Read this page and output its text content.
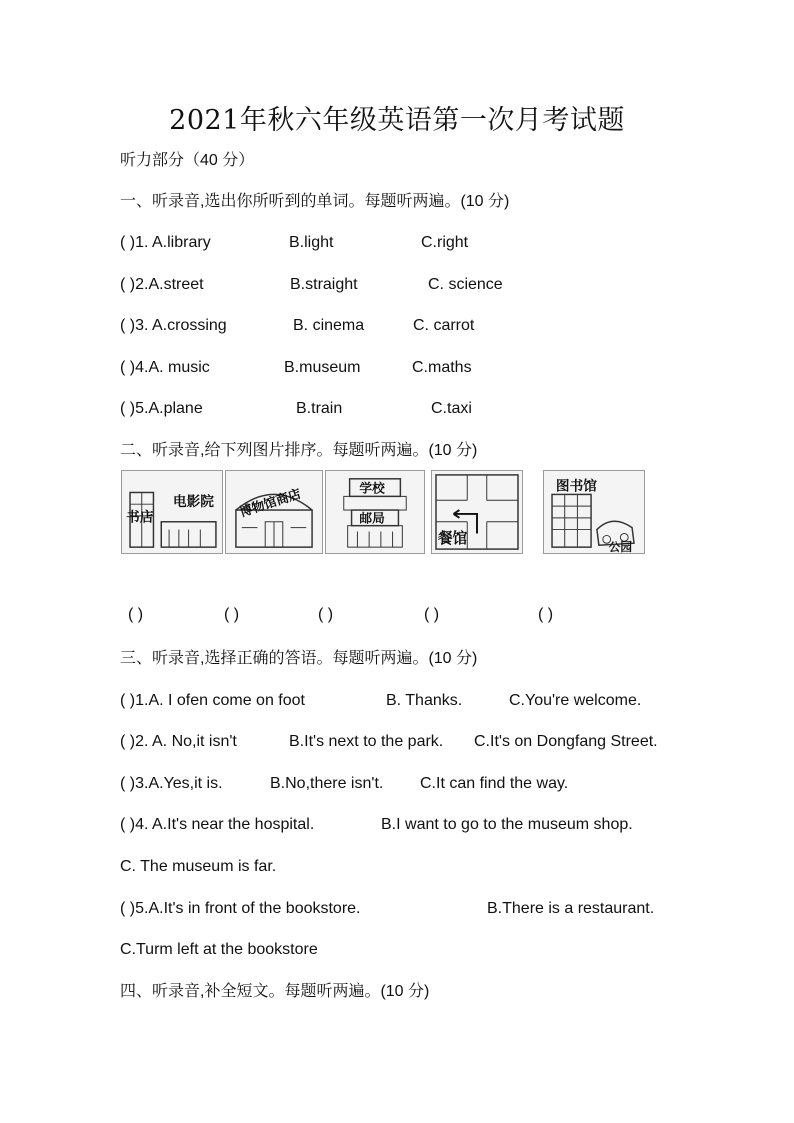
2021年秋六年级英语第一次月考试题
听力部分（40 分）
一、听录音,选出你所听到的单词。每题听两遍。(10 分)
( )1. A.library	B.light	C.right
( )2.A.street	B.straight	C. science
( )3. A.crossing	B. cinema	C. carrot
( )4.A. music	B.museum	C.maths
( )5.A.plane	B.train	C.taxi
二、听录音,给下列图片排序。每题听两遍。(10 分)
书店
电影院 博物馆商店	学校
邮局
餐馆
图书馆
公园
( )	( )	( )	( )	( )
三、听录音,选择正确的答语。每题听两遍。(10 分)
( )1.A. I ofen come on foot	B. Thanks.	C.You're welcome.
( )2. A. No,it isn't	B.It's next to the park. C.It's on Dongfang Street.
( )3.A.Yes,it is.	B.No,there isn't. C.It can find the way.
( )4. A.It's near the hospital.	B.I want to go to the museum shop.
C. The museum is far.
( )5.A.It's in front of the bookstore.	B.There is a restaurant.
C.Turm left at the bookstore
四、听录音,补全短文。每题听两遍。(10 分)
